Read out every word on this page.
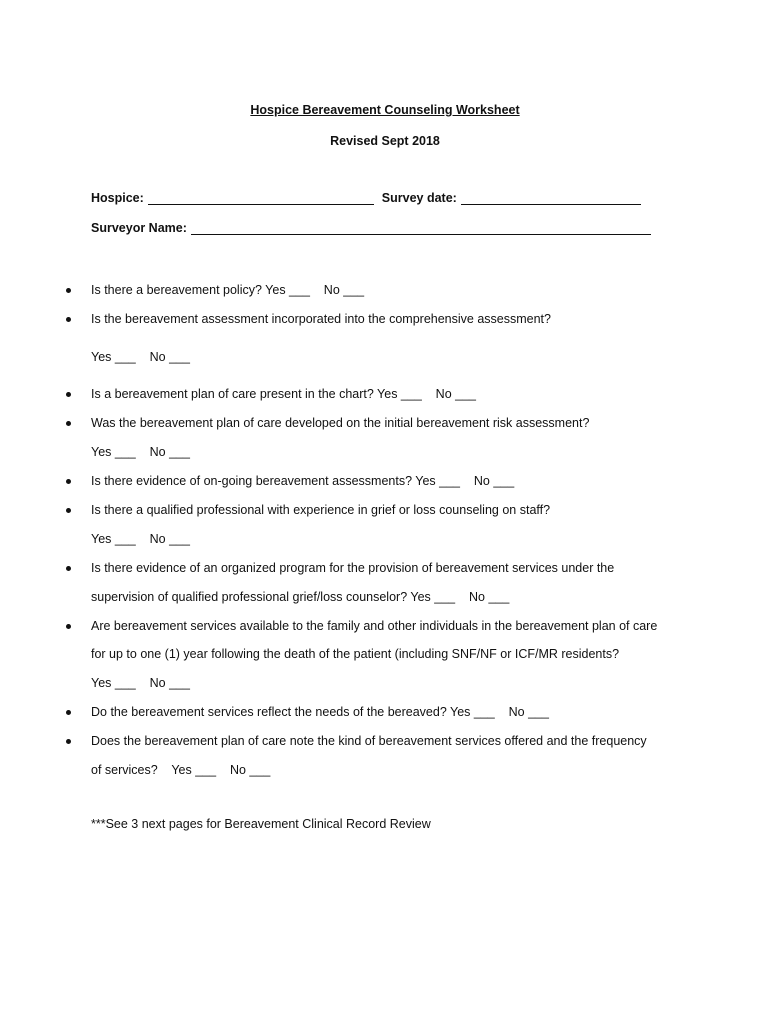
Hospice Bereavement Counseling Worksheet
Revised Sept 2018
Hospice:	Survey date:
Surveyor Name:
Is there a bereavement policy? Yes ___    No ___
Is the bereavement assessment incorporated into the comprehensive assessment?
Yes ___    No ___
Is a bereavement plan of care present in the chart? Yes ___    No ___
Was the bereavement plan of care developed on the initial bereavement risk assessment?
Yes ___    No ___
Is there evidence of on-going bereavement assessments? Yes ___    No ___
Is there a qualified professional with experience in grief or loss counseling on staff?
Yes ___    No ___
Is there evidence of an organized program for the provision of bereavement services under the
supervision of qualified professional grief/loss counselor? Yes ___    No ___
Are bereavement services available to the family and other individuals in the bereavement plan of care
for up to one (1) year following the death of the patient (including SNF/NF or ICF/MR residents?
Yes ___    No ___
Do the bereavement services reflect the needs of the bereaved? Yes ___    No ___
Does the bereavement plan of care note the kind of bereavement services offered and the frequency
of services?    Yes ___    No ___
***See 3 next pages for Bereavement Clinical Record Review
